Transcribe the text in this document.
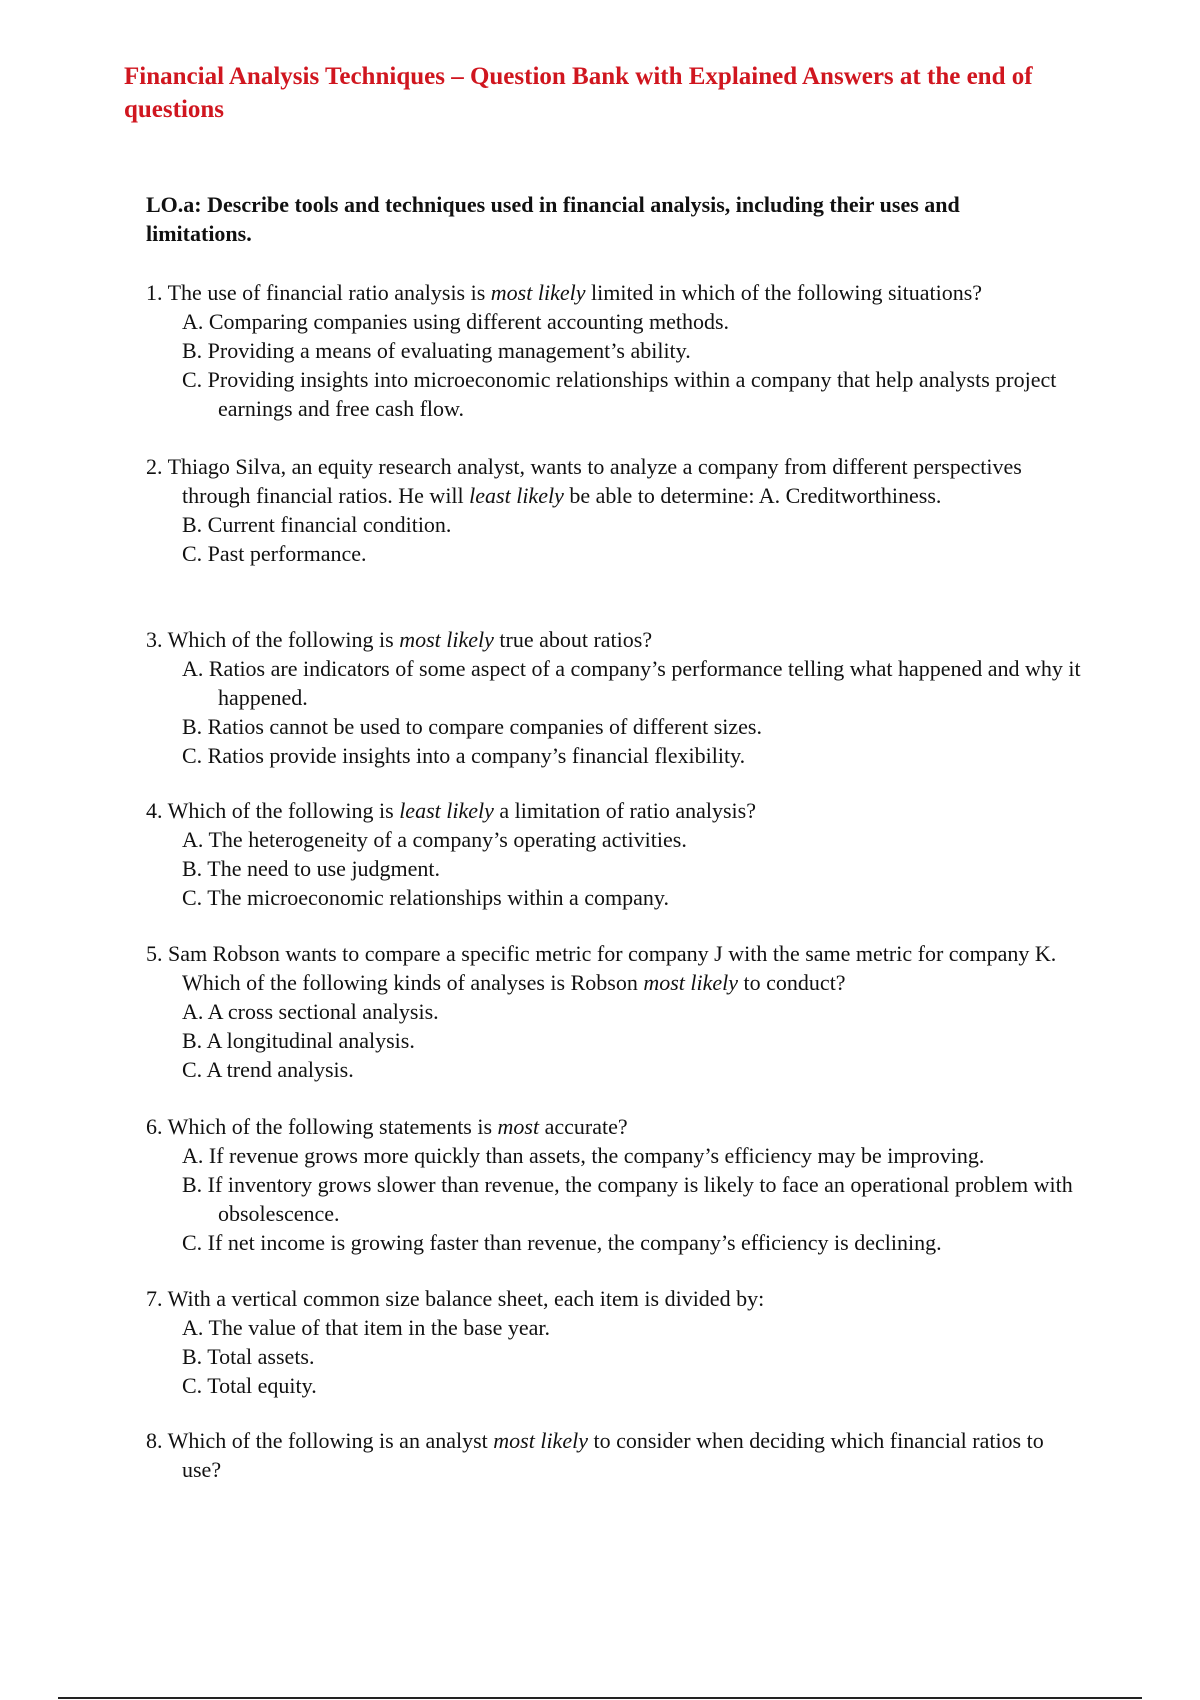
Financial Analysis Techniques – Question Bank with Explained Answers at the end of questions
LO.a: Describe tools and techniques used in financial analysis, including their uses and limitations.
1. The use of financial ratio analysis is most likely limited in which of the following situations?
A. Comparing companies using different accounting methods.
B. Providing a means of evaluating management’s ability.
C. Providing insights into microeconomic relationships within a company that help analysts project earnings and free cash flow.
2. Thiago Silva, an equity research analyst, wants to analyze a company from different perspectives through financial ratios. He will least likely be able to determine: A. Creditworthiness.
B. Current financial condition.
C. Past performance.
3. Which of the following is most likely true about ratios?
A. Ratios are indicators of some aspect of a company’s performance telling what happened and why it happened.
B. Ratios cannot be used to compare companies of different sizes.
C. Ratios provide insights into a company’s financial flexibility.
4. Which of the following is least likely a limitation of ratio analysis?
A. The heterogeneity of a company’s operating activities.
B. The need to use judgment.
C. The microeconomic relationships within a company.
5. Sam Robson wants to compare a specific metric for company J with the same metric for company K. Which of the following kinds of analyses is Robson most likely to conduct?
A. A cross sectional analysis.
B. A longitudinal analysis.
C. A trend analysis.
6. Which of the following statements is most accurate?
A. If revenue grows more quickly than assets, the company’s efficiency may be improving.
B. If inventory grows slower than revenue, the company is likely to face an operational problem with obsolescence.
C. If net income is growing faster than revenue, the company’s efficiency is declining.
7. With a vertical common size balance sheet, each item is divided by:
A. The value of that item in the base year.
B. Total assets.
C. Total equity.
8. Which of the following is an analyst most likely to consider when deciding which financial ratios to use?
